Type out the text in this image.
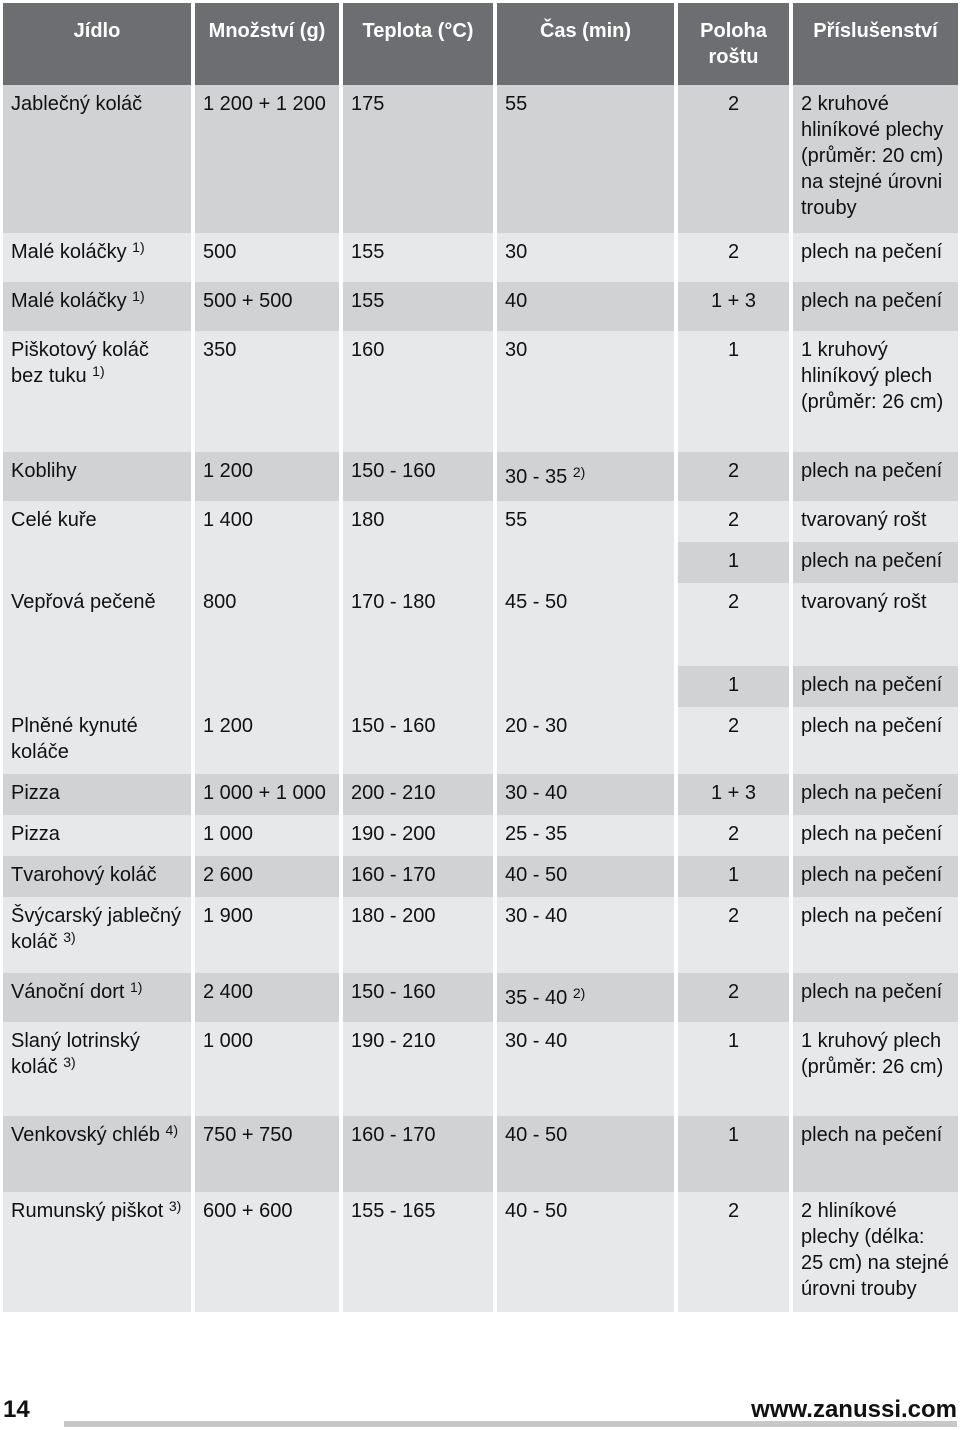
Jídlo	Množství (g)	Teplota (°C)	Čas (min)	Poloha roštu	Příslušenství
Jablečný koláč	1 200 + 1 200	175	55	2	2 kruhové hliníkové plechy (průměr: 20 cm) na stejné úrovni trouby
Malé koláčky $^{1)}$	500	155	30	2	plech na pečení
Malé koláčky $^{1)}$	500 + 500	155	40	1 + 3	plech na pečení
Piškotový koláč bez tuku $^{1)}$	350	160	30	1	1 kruhový hliníkový plech (průměr: 26 cm)
Koblihy	1 200	150 - 160	30 - 35 $^{2)}$	2	plech na pečení
Celé kuře	1 400	180	55	2	tvarovaný rošt
				1	plech na pečení
Vepřová pečeně	800	170 - 180	45 - 50	2	tvarovaný rošt
				1	plech na pečení
Plněné kynuté koláče	1 200	150 - 160	20 - 30	2	plech na pečení
Pizza	1 000 + 1 000	200 - 210	30 - 40	1 + 3	plech na pečení
Pizza	1 000	190 - 200	25 - 35	2	plech na pečení
Tvarohový koláč	2 600	160 - 170	40 - 50	1	plech na pečení
Švýcarský jablečný koláč $^{3)}$	1 900	180 - 200	30 - 40	2	plech na pečení
Vánoční dort $^{1)}$	2 400	150 - 160	35 - 40 $^{2)}$	2	plech na pečení
Slaný lotrinský koláč $^{3)}$	1 000	190 - 210	30 - 40	1	1 kruhový plech (průměr: 26 cm)
Venkovský chléb $^{4)}$	750 + 750	160 - 170	40 - 50	1	plech na pečení
Rumunský piškot $^{3)}$	600 + 600	155 - 165	40 - 50	2	2 hliníkové plechy (délka: 25 cm) na stejné úrovni trouby
14	www.zanussi.com
